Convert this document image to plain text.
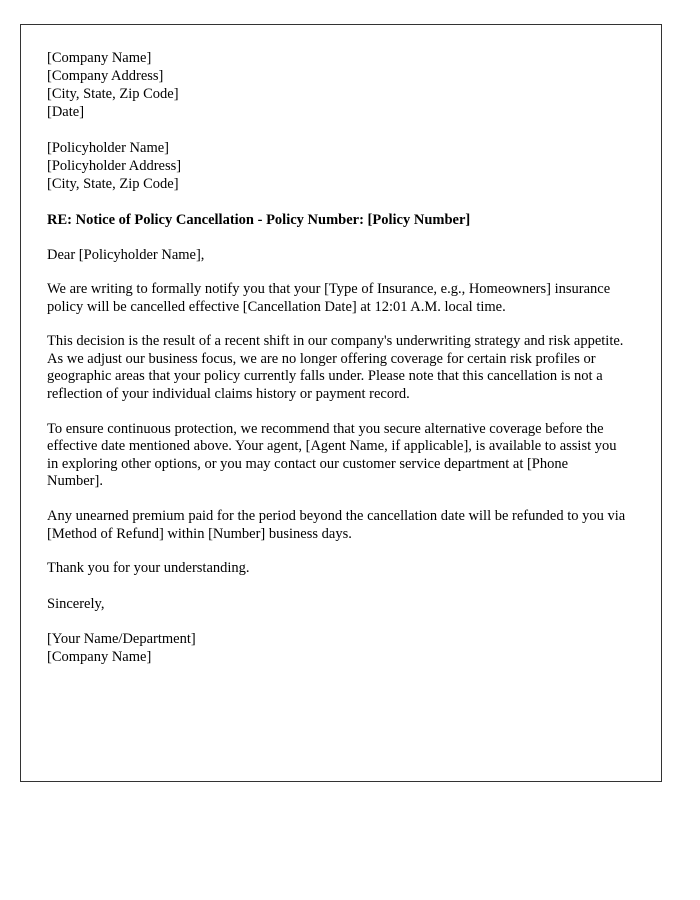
[Company Name]
[Company Address]
[City, State, Zip Code]
[Date]
[Policyholder Name]
[Policyholder Address]
[City, State, Zip Code]
RE: Notice of Policy Cancellation - Policy Number: [Policy Number]
Dear [Policyholder Name],

We are writing to formally notify you that your [Type of Insurance, e.g., Homeowners] insurance policy will be cancelled effective [Cancellation Date] at 12:01 A.M. local time.

This decision is the result of a recent shift in our company's underwriting strategy and risk appetite. As we adjust our business focus, we are no longer offering coverage for certain risk profiles or geographic areas that your policy currently falls under. Please note that this cancellation is not a reflection of your individual claims history or payment record.

To ensure continuous protection, we recommend that you secure alternative coverage before the effective date mentioned above. Your agent, [Agent Name, if applicable], is available to assist you in exploring other options, or you may contact our customer service department at [Phone Number].

Any unearned premium paid for the period beyond the cancellation date will be refunded to you via [Method of Refund] within [Number] business days.

Thank you for your understanding.

Sincerely,
[Your Name/Department]
[Company Name]
